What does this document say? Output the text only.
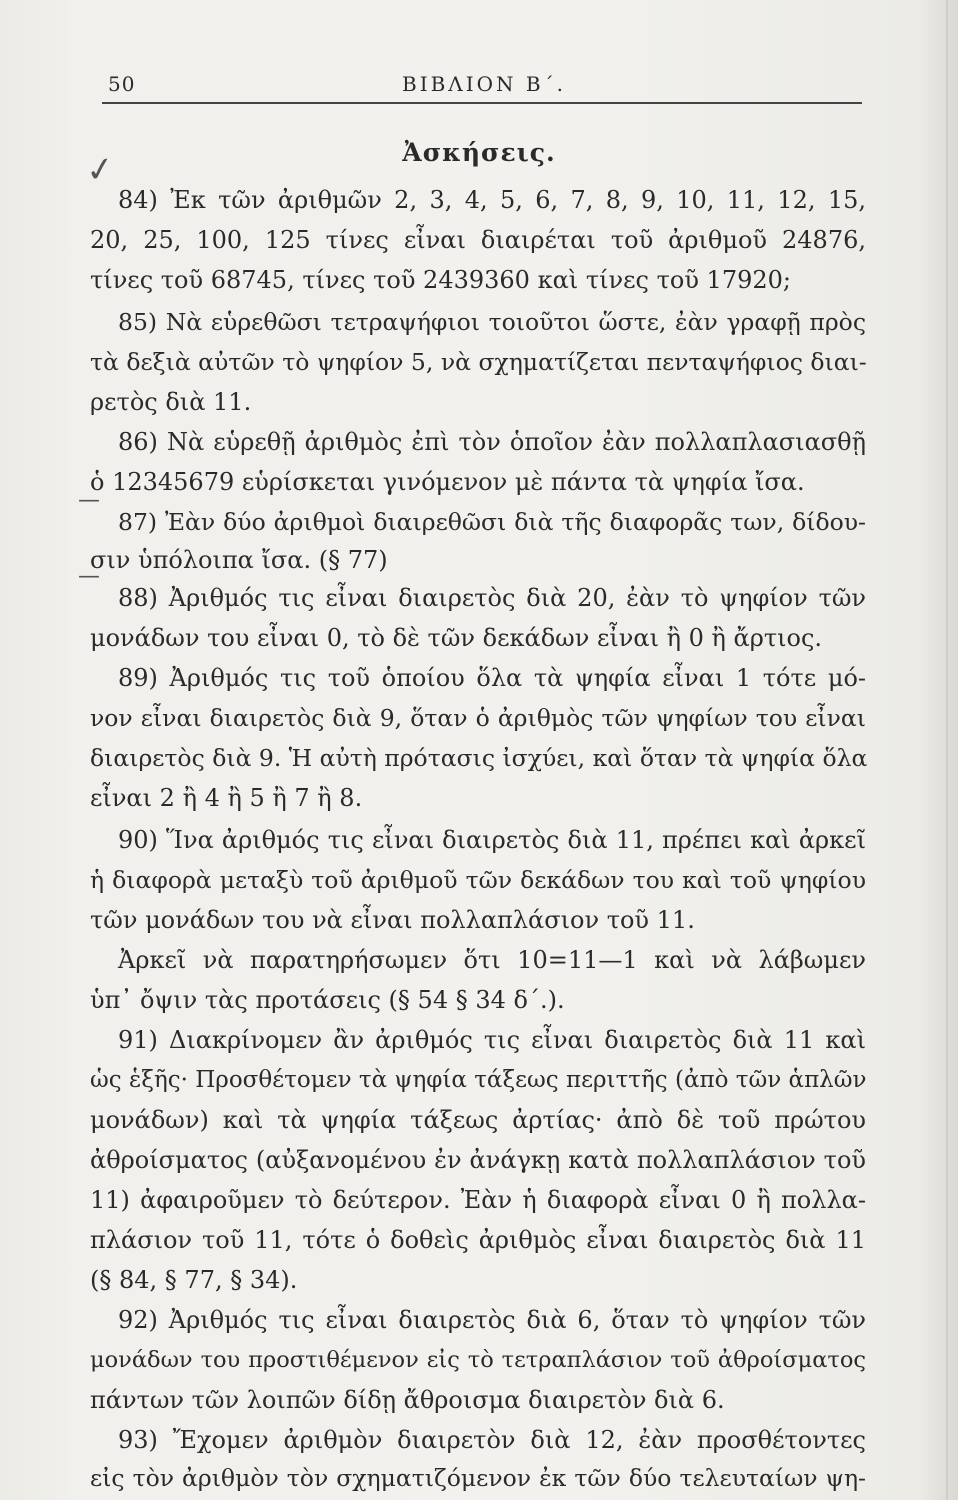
50	ΒΙΒΛΙΟΝ Β΄.
Ἀσκήσεις.
✓
—
—
84) Ἐκ τῶν ἀριθμῶν 2, 3, 4, 5, 6, 7, 8, 9, 10, 11, 12, 15,
20, 25, 100, 125 τίνες εἶναι διαιρέται τοῦ ἀριθμοῦ 24876,
τίνες τοῦ 68745, τίνες τοῦ 2439360 καὶ τίνες τοῦ 17920;
85) Νὰ εὑρεθῶσι τετραψήφιοι τοιοῦτοι ὥστε, ἐὰν γραφῇ πρὸς
τὰ δεξιὰ αὐτῶν τὸ ψηφίον 5, νὰ σχηματίζεται πενταψήφιος διαι-
ρετὸς διὰ 11.
86) Νὰ εὑρεθῇ ἀριθμὸς ἐπὶ τὸν ὁποῖον ἐὰν πολλαπλασιασθῇ
ὁ 12345679 εὑρίσκεται γινόμενον μὲ πάντα τὰ ψηφία ἴσα.
87) Ἐὰν δύο ἀριθμοὶ διαιρεθῶσι διὰ τῆς διαφορᾶς των, δίδου-
σιν ὑπόλοιπα ἴσα. (§ 77)
88) Ἀριθμός τις εἶναι διαιρετὸς διὰ 20, ἐὰν τὸ ψηφίον τῶν
μονάδων του εἶναι 0, τὸ δὲ τῶν δεκάδων εἶναι ἢ 0 ἢ ἄρτιος.
89) Ἀριθμός τις τοῦ ὁποίου ὅλα τὰ ψηφία εἶναι 1 τότε μό-
νον εἶναι διαιρετὸς διὰ 9, ὅταν ὁ ἀριθμὸς τῶν ψηφίων του εἶναι
διαιρετὸς διὰ 9. Ἡ αὐτὴ πρότασις ἰσχύει, καὶ ὅταν τὰ ψηφία ὅλα
εἶναι 2 ἢ 4 ἢ 5 ἢ 7 ἢ 8.
90) Ἵνα ἀριθμός τις εἶναι διαιρετὸς διὰ 11, πρέπει καὶ ἀρκεῖ
ἡ διαφορὰ μεταξὺ τοῦ ἀριθμοῦ τῶν δεκάδων του καὶ τοῦ ψηφίου
τῶν μονάδων του νὰ εἶναι πολλαπλάσιον τοῦ 11.
Ἀρκεῖ νὰ παρατηρήσωμεν ὅτι 10=11—1 καὶ νὰ λάβωμεν
ὑπ᾽ ὄψιν τὰς προτάσεις (§ 54 § 34 δ΄.).
91) Διακρίνομεν ἂν ἀριθμός τις εἶναι διαιρετὸς διὰ 11 καὶ
ὡς ἑξῆς· Προσθέτομεν τὰ ψηφία τάξεως περιττῆς (ἀπὸ τῶν ἁπλῶν
μονάδων) καὶ τὰ ψηφία τάξεως ἀρτίας· ἀπὸ δὲ τοῦ πρώτου
ἀθροίσματος (αὐξανομένου ἐν ἀνάγκῃ κατὰ πολλαπλάσιον τοῦ
11) ἀφαιροῦμεν τὸ δεύτερον. Ἐὰν ἡ διαφορὰ εἶναι 0 ἢ πολλα-
πλάσιον τοῦ 11, τότε ὁ δοθεὶς ἀριθμὸς εἶναι διαιρετὸς διὰ 11
(§ 84, § 77, § 34).
92) Ἀριθμός τις εἶναι διαιρετὸς διὰ 6, ὅταν τὸ ψηφίον τῶν
μονάδων του προστιθέμενον εἰς τὸ τετραπλάσιον τοῦ ἀθροίσματος
πάντων τῶν λοιπῶν δίδῃ ἄθροισμα διαιρετὸν διὰ 6.
93) Ἔχομεν ἀριθμὸν διαιρετὸν διὰ 12, ἐὰν προσθέτοντες
εἰς τὸν ἀριθμὸν τὸν σχηματιζόμενον ἐκ τῶν δύο τελευταίων ψη-
